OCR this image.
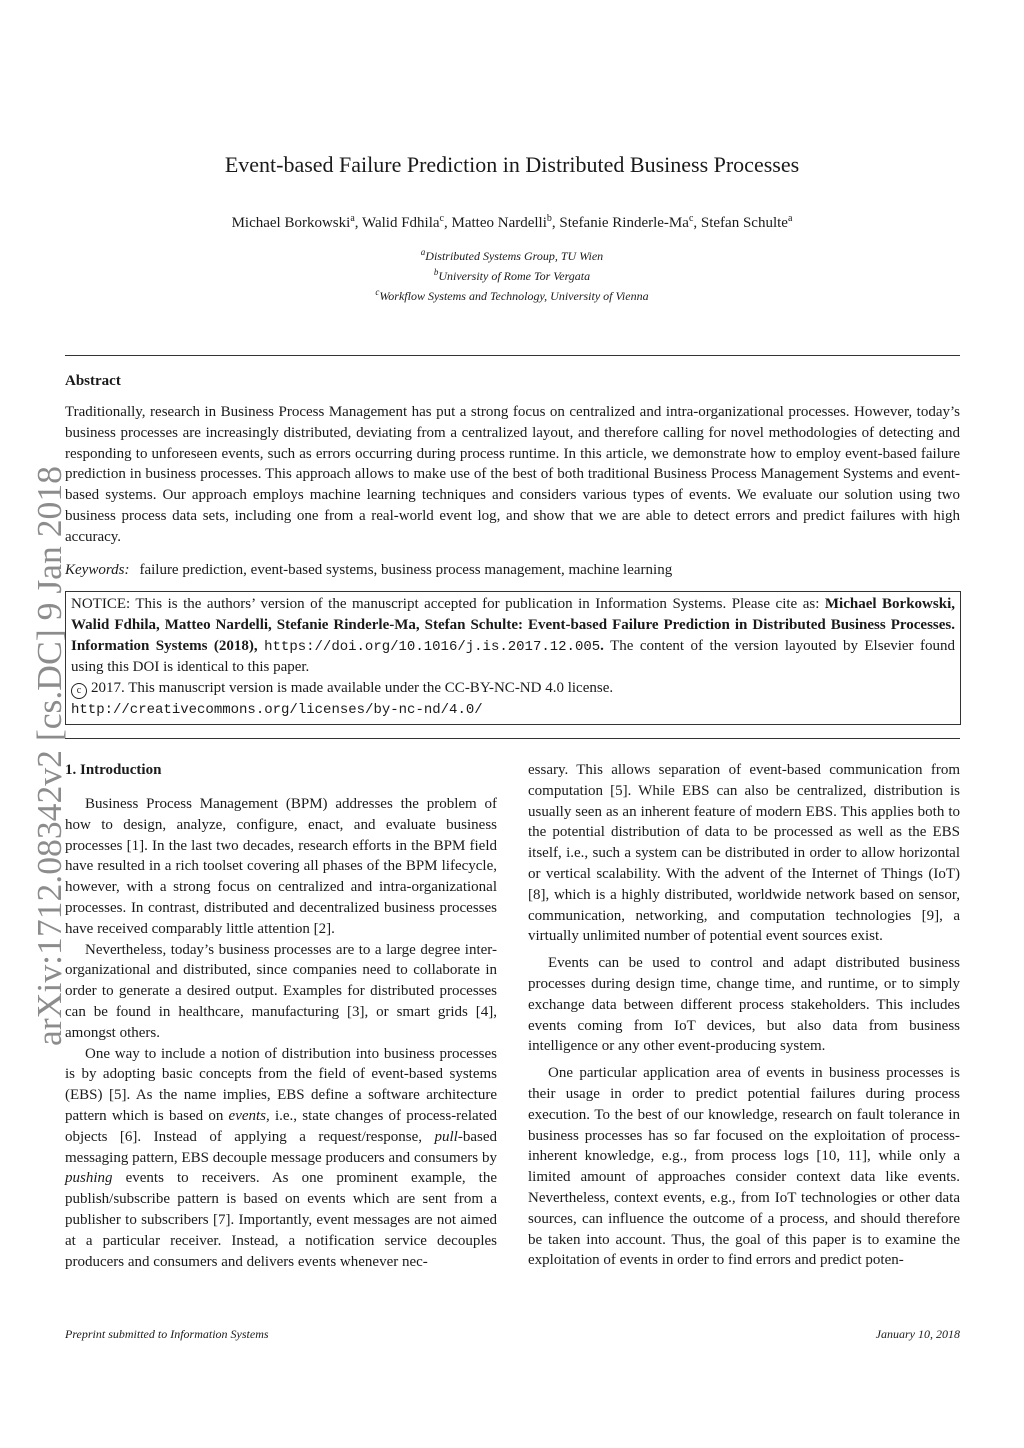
arXiv:1712.08342v2 [cs.DC] 9 Jan 2018
Event-based Failure Prediction in Distributed Business Processes
Michael Borkowski$^a$, Walid Fdhila$^c$, Matteo Nardelli$^b$, Stefanie Rinderle-Ma$^c$, Stefan Schulte$^a$
$^a$Distributed Systems Group, TU Wien
$^b$University of Rome Tor Vergata
$^c$Workflow Systems and Technology, University of Vienna
Abstract

Traditionally, research in Business Process Management has put a strong focus on centralized and intra-organizational processes. However, today’s business processes are increasingly distributed, deviating from a centralized layout, and therefore calling for novel methodologies of detecting and responding to unforeseen events, such as errors occurring during process runtime. In this article, we demonstrate how to employ event-based failure prediction in business processes. This approach allows to make use of the best of both traditional Business Process Management Systems and event-based systems. Our approach employs machine learning techniques and considers various types of events. We evaluate our solution using two business process data sets, including one from a real-world event log, and show that we are able to detect errors and predict failures with high accuracy.

Keywords: failure prediction, event-based systems, business process management, machine learning

NOTICE: This is the authors’ version of the manuscript accepted for publication in Information Systems. Please cite as: Michael Borkowski, Walid Fdhila, Matteo Nardelli, Stefanie Rinderle-Ma, Stefan Schulte: Event-based Failure Prediction in Distributed Business Processes. Information Systems (2018), https://doi.org/10.1016/j.is.2017.12.005. The content of the version layouted by Elsevier found using this DOI is identical to this paper.

c 2017. This manuscript version is made available under the CC-BY-NC-ND 4.0 license.

http://creativecommons.org/licenses/by-nc-nd/4.0/

1. Introduction

Business Process Management (BPM) addresses the problem of how to design, analyze, configure, enact, and evaluate business processes [1]. In the last two decades, research efforts in the BPM field have resulted in a rich toolset covering all phases of the BPM lifecycle, however, with a strong focus on centralized and intra-organizational processes. In contrast, distributed and decentralized business processes have received comparably little attention [2].

Nevertheless, today’s business processes are to a large degree inter-organizational and distributed, since companies need to collaborate in order to generate a desired output. Examples for distributed processes can be found in healthcare, manufacturing [3], or smart grids [4], amongst others.

One way to include a notion of distribution into business processes is by adopting basic concepts from the field of event-based systems (EBS) [5]. As the name implies, EBS define a software architecture pattern which is based on events, i.e., state changes of process-related objects [6]. Instead of applying a request/response, pull-based messaging pattern, EBS decouple message producers and consumers by pushing events to receivers. As one prominent example, the publish/subscribe pattern is based on events which are sent from a publisher to subscribers [7]. Importantly, event messages are not aimed at a particular receiver. Instead, a notification service decouples producers and consumers and delivers events whenever nec-

essary. This allows separation of event-based communication from computation [5]. While EBS can also be centralized, distribution is usually seen as an inherent feature of modern EBS. This applies both to the potential distribution of data to be processed as well as the EBS itself, i.e., such a system can be distributed in order to allow horizontal or vertical scalability. With the advent of the Internet of Things (IoT) [8], which is a highly distributed, worldwide network based on sensor, communication, networking, and computation technologies [9], a virtually unlimited number of potential event sources exist.

Events can be used to control and adapt distributed business processes during design time, change time, and runtime, or to simply exchange data between different process stakeholders. This includes events coming from IoT devices, but also data from business intelligence or any other event-producing system.

One particular application area of events in business processes is their usage in order to predict potential failures during process execution. To the best of our knowledge, research on fault tolerance in business processes has so far focused on the exploitation of process-inherent knowledge, e.g., from process logs [10, 11], while only a limited amount of approaches consider context data like events. Nevertheless, context events, e.g., from IoT technologies or other data sources, can influence the outcome of a process, and should therefore be taken into account. Thus, the goal of this paper is to examine the exploitation of events in order to find errors and predict poten-

Preprint submitted to Information Systems	January 10, 2018
